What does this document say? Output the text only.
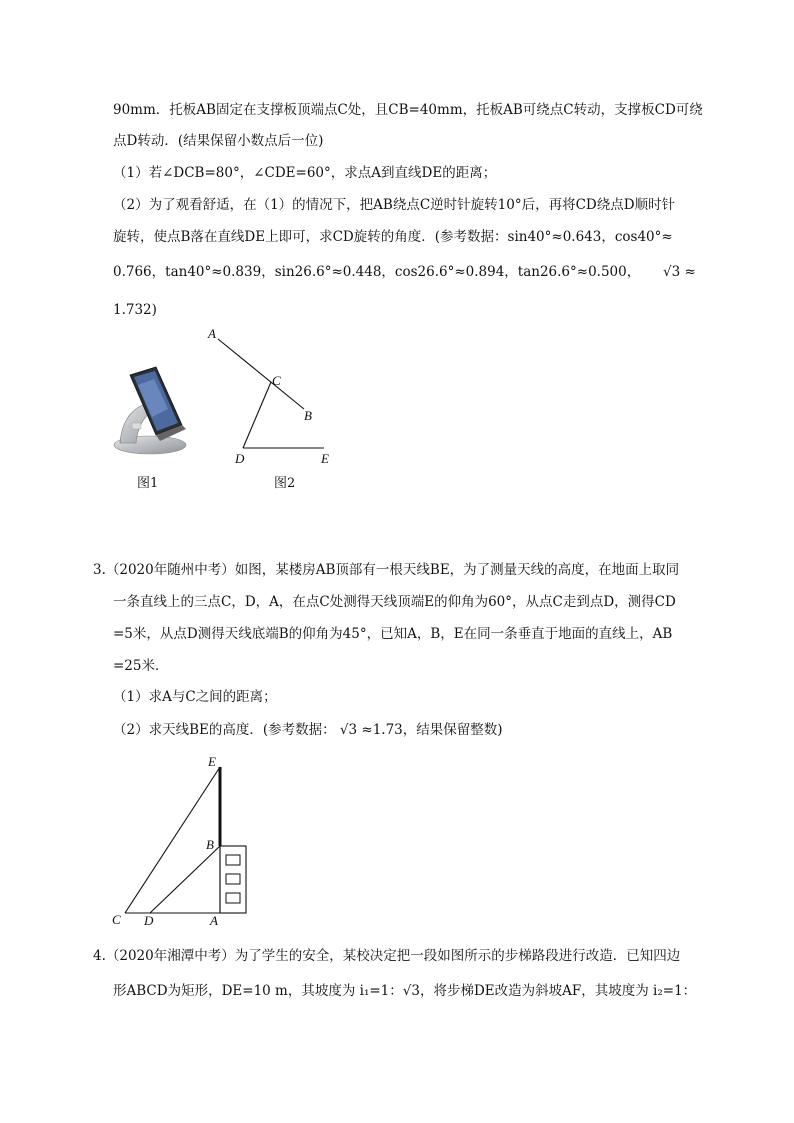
90mm．托板AB固定在支撑板顶端点C处，且CB=40mm，托板AB可绕点C转动，支撑板CD可绕
点D转动．(结果保留小数点后一位)
（1）若∠DCB=80°，∠CDE=60°，求点A到直线DE的距离；
（2）为了观看舒适，在（1）的情况下，把AB绕点C逆时针旋转10°后，再将CD绕点D顺时针
旋转，使点B落在直线DE上即可，求CD旋转的角度．(参考数据：sin40°≈0.643，cos40°≈
0.766，tan40°≈0.839，sin26.6°≈0.448，cos26.6°≈0.894，tan26.6°≈0.500， √3 ≈
1.732)
图1
A
C
B
D	E
图2
3.（2020年随州中考）如图，某楼房AB顶部有一根天线BE，为了测量天线的高度，在地面上取同
一条直线上的三点C，D，A，在点C处测得天线顶端E的仰角为60°，从点C走到点D，测得CD
=5米，从点D测得天线底端B的仰角为45°，已知A，B，E在同一条垂直于地面的直线上，AB
=25米．
（1）求A与C之间的距离；
（2）求天线BE的高度．(参考数据： √3 ≈1.73，结果保留整数)
E
B
C D	A
4.（2020年湘潭中考）为了学生的安全，某校决定把一段如图所示的步梯路段进行改造．已知四边
形ABCD为矩形，DE=10 m，其坡度为 i₁=1：√3，将步梯DE改造为斜坡AF，其坡度为 i₂=1：
